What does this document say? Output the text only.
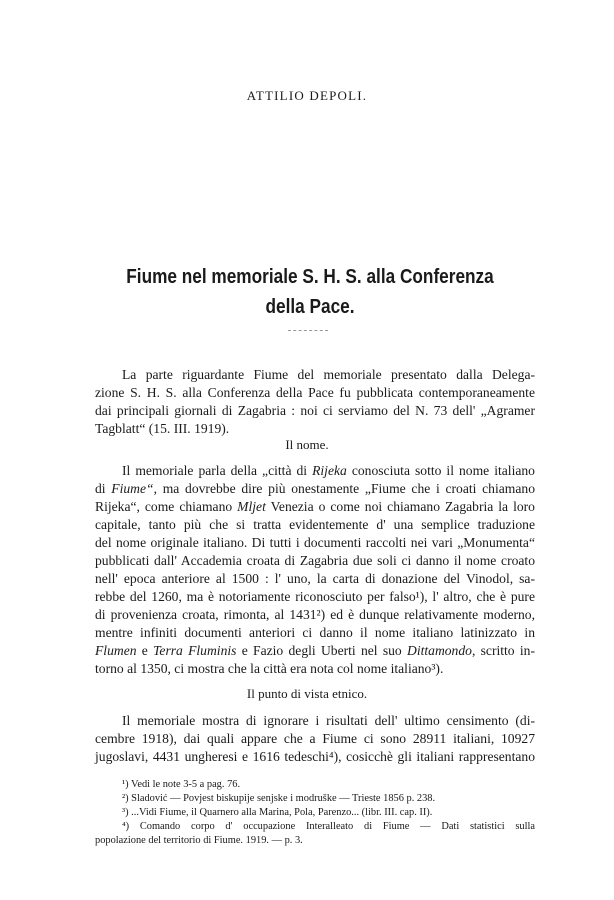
ATTILIO DEPOLI.
Fiume nel memoriale S. H. S. alla Conferenza
della Pace.
La parte riguardante Fiume del memoriale presentato dalla Delega-
zione S. H. S. alla Conferenza della Pace fu pubblicata contemporaneamente
dai principali giornali di Zagabria : noi ci serviamo del N. 73 dell' „Agramer
Tagblatt“ (15. III. 1919).
Il nome.
Il memoriale parla della „città di Rijeka conosciuta sotto il nome italiano
di Fiume“, ma dovrebbe dire più onestamente „Fiume che i croati chiamano
Rijeka“, come chiamano Mljet Venezia o come noi chiamano Zagabria la loro
capitale, tanto più che si tratta evidentemente d' una semplice traduzione
del nome originale italiano. Di tutti i documenti raccolti nei vari „Monumenta“
pubblicati dall' Accademia croata di Zagabria due soli ci danno il nome croato
nell' epoca anteriore al 1500 : l' uno, la carta di donazione del Vinodol, sa-
rebbe del 1260, ma è notoriamente riconosciuto per falso¹), l' altro, che è pure
di provenienza croata, rimonta, al 1431²) ed è dunque relativamente moderno,
mentre infiniti documenti anteriori ci danno il nome italiano latinizzato in
Flumen e Terra Fluminis e Fazio degli Uberti nel suo Dittamondo, scritto in-
torno al 1350, ci mostra che la città era nota col nome italiano³).
Il punto di vista etnico.
Il memoriale mostra di ignorare i risultati dell' ultimo censimento (di-
cembre 1918), dai quali appare che a Fiume ci sono 28911 italiani, 10927
jugoslavi, 4431 ungheresi e 1616 tedeschi⁴), cosicchè gli italiani rappresentano
¹) Vedi le note 3-5 a pag. 76.
²) Sladović — Povjest biskupije senjske i modruške — Trieste 1856 p. 238.
³) ...Vidi Fiume, il Quarnero alla Marina, Pola, Parenzo... (libr. III. cap. II).
⁴) Comando corpo d' occupazione Interalleato di Fiume — Dati statistici sulla
popolazione del territorio di Fiume. 1919. — p. 3.
